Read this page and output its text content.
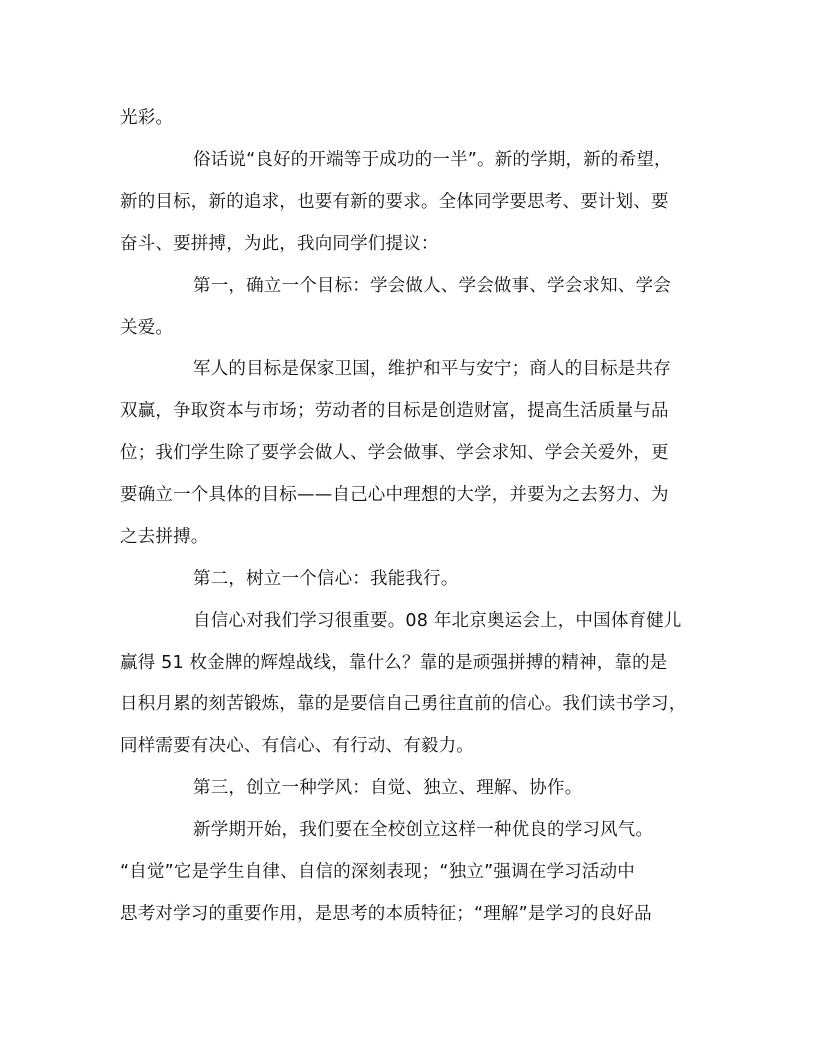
光彩。
俗话说“良好的开端等于成功的一半”。新的学期，新的希望，
新的目标，新的追求，也要有新的要求。全体同学要思考、要计划、要
奋斗、要拼搏，为此，我向同学们提议：
第一，确立一个目标：学会做人、学会做事、学会求知、学会
关爱。
军人的目标是保家卫国，维护和平与安宁；商人的目标是共存
双赢，争取资本与市场；劳动者的目标是创造财富，提高生活质量与品
位；我们学生除了要学会做人、学会做事、学会求知、学会关爱外，更
要确立一个具体的目标——自己心中理想的大学，并要为之去努力、为
之去拼搏。
第二，树立一个信心：我能我行。
自信心对我们学习很重要。08 年北京奥运会上，中国体育健儿
赢得 51 枚金牌的辉煌战线，靠什么？靠的是顽强拼搏的精神，靠的是
日积月累的刻苦锻炼，靠的是要信自己勇往直前的信心。我们读书学习，
同样需要有决心、有信心、有行动、有毅力。
第三，创立一种学风：自觉、独立、理解、协作。
新学期开始，我们要在全校创立这样一种优良的学习风气。
“自觉”它是学生自律、自信的深刻表现；“独立”强调在学习活动中
思考对学习的重要作用，是思考的本质特征；“理解”是学习的良好品
